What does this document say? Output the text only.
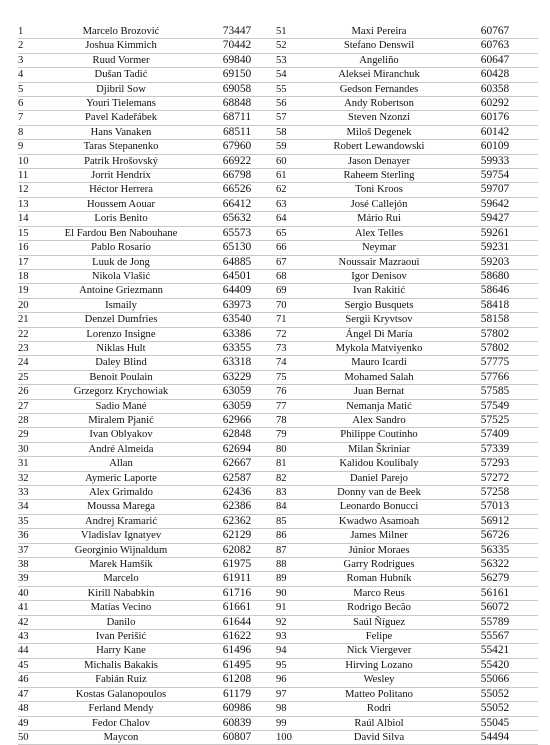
1	Marcelo Brozović	73447	51	Maxi Pereira	60767
2	Joshua Kimmich	70442	52	Stefano Denswil	60763
3	Ruud Vormer	69840	53	Angeliño	60647
4	Dušan Tadić	69150	54	Aleksei Miranchuk	60428
5	Djibril Sow	69058	55	Gedson Fernandes	60358
6	Youri Tielemans	68848	56	Andy Robertson	60292
7	Pavel Kadeřábek	68711	57	Steven Nzonzi	60176
8	Hans Vanaken	68511	58	Miloš Degenek	60142
9	Taras Stepanenko	67960	59	Robert Lewandowski	60109
10	Patrik Hrošovský	66922	60	Jason Denayer	59933
11	Jorrit Hendrix	66798	61	Raheem Sterling	59754
12	Héctor Herrera	66526	62	Toni Kroos	59707
13	Houssem Aouar	66412	63	José Callejón	59642
14	Loris Benito	65632	64	Mário Rui	59427
15	El Fardou Ben Nabouhane	65573	65	Alex Telles	59261
16	Pablo Rosario	65130	66	Neymar	59231
17	Luuk de Jong	64885	67	Noussair Mazraoui	59203
18	Nikola Vlašić	64501	68	Igor Denisov	58680
19	Antoine Griezmann	64409	69	Ivan Rakitić	58646
20	Ismaily	63973	70	Sergio Busquets	58418
21	Denzel Dumfries	63540	71	Sergii Kryvtsov	58158
22	Lorenzo Insigne	63386	72	Ángel Di María	57802
23	Niklas Hult	63355	73	Mykola Matviyenko	57802
24	Daley Blind	63318	74	Mauro Icardi	57775
25	Benoit Poulain	63229	75	Mohamed Salah	57766
26	Grzegorz Krychowiak	63059	76	Juan Bernat	57585
27	Sadio Mané	63059	77	Nemanja Matić	57549
28	Miralem Pjanić	62966	78	Alex Sandro	57525
29	Ivan Oblyakov	62848	79	Philippe Coutinho	57409
30	André Almeida	62694	80	Milan Škriniar	57339
31	Allan	62667	81	Kalidou Koulibaly	57293
32	Aymeric Laporte	62587	82	Daniel Parejo	57272
33	Alex Grimaldo	62436	83	Donny van de Beek	57258
34	Moussa Marega	62386	84	Leonardo Bonucci	57013
35	Andrej Kramarić	62362	85	Kwadwo Asamoah	56912
36	Vladislav Ignatyev	62129	86	James Milner	56726
37	Georginio Wijnaldum	62082	87	Júnior Moraes	56335
38	Marek Hamšík	61975	88	Garry Rodrigues	56322
39	Marcelo	61911	89	Roman Hubník	56279
40	Kirill Nababkin	61716	90	Marco Reus	56161
41	Matías Vecino	61661	91	Rodrigo Becão	56072
42	Danilo	61644	92	Saúl Ñíguez	55789
43	Ivan Perišić	61622	93	Felipe	55567
44	Harry Kane	61496	94	Nick Viergever	55421
45	Michalis Bakakis	61495	95	Hirving Lozano	55420
46	Fabián Ruiz	61208	96	Wesley	55066
47	Kostas Galanopoulos	61179	97	Matteo Politano	55052
48	Ferland Mendy	60986	98	Rodri	55052
49	Fedor Chalov	60839	99	Raúl Albiol	55045
50	Maycon	60807	100	David Silva	54494
